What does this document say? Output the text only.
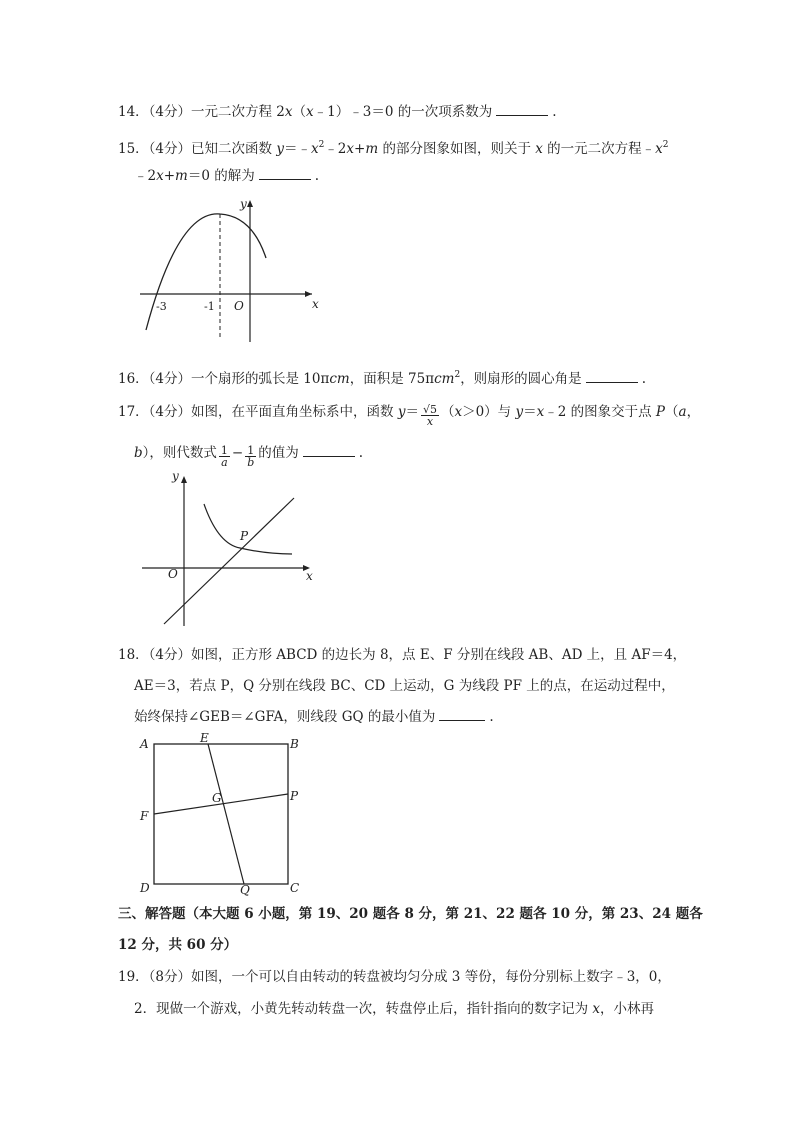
14．（4分）一元二次方程 2x（x﹣1）﹣3＝0 的一次项系数为	.
15．（4分）已知二次函数 $y=﹣x^2﹣2x+m$ 的部分图象如图，则关于 x 的一元二次方程$﹣x^2$
﹣2x+m＝0 的解为	.
y
x
O
-3	-1
16．（4分）一个扇形的弧长是 10πcm，面积是 75πcm$^2$，则扇形的圆心角是	.
17．（4分）如图，在平面直角坐标系中，函数 $y= \frac{√5}{x} (x>0)$与 y＝x﹣2 的图象交于点 P（a，
b），则代数式 $\frac{1}{a} - \frac{1}{b}$ 的值为	.
y
x
O
P
18．（4分）如图，正方形 ABCD 的边长为 8，点 E、F 分别在线段 AB、AD 上，且 AF＝4，
AE＝3，若点 P，Q 分别在线段 BC、CD 上运动，G 为线段 PF 上的点，在运动过程中，
始终保持∠GEB＝∠GFA，则线段 GQ 的最小值为	.
A	B
C
D
E
F
G	P
Q
三、解答题（本大题 6 小题，第 19、20 题各 8 分，第 21、22 题各 10 分，第 23、24 题各
12 分，共 60 分）
19．（8分）如图，一个可以自由转动的转盘被均匀分成 3 等份，每份分别标上数字﹣3，0，
2．现做一个游戏，小黄先转动转盘一次，转盘停止后，指针指向的数字记为 x，小林再
